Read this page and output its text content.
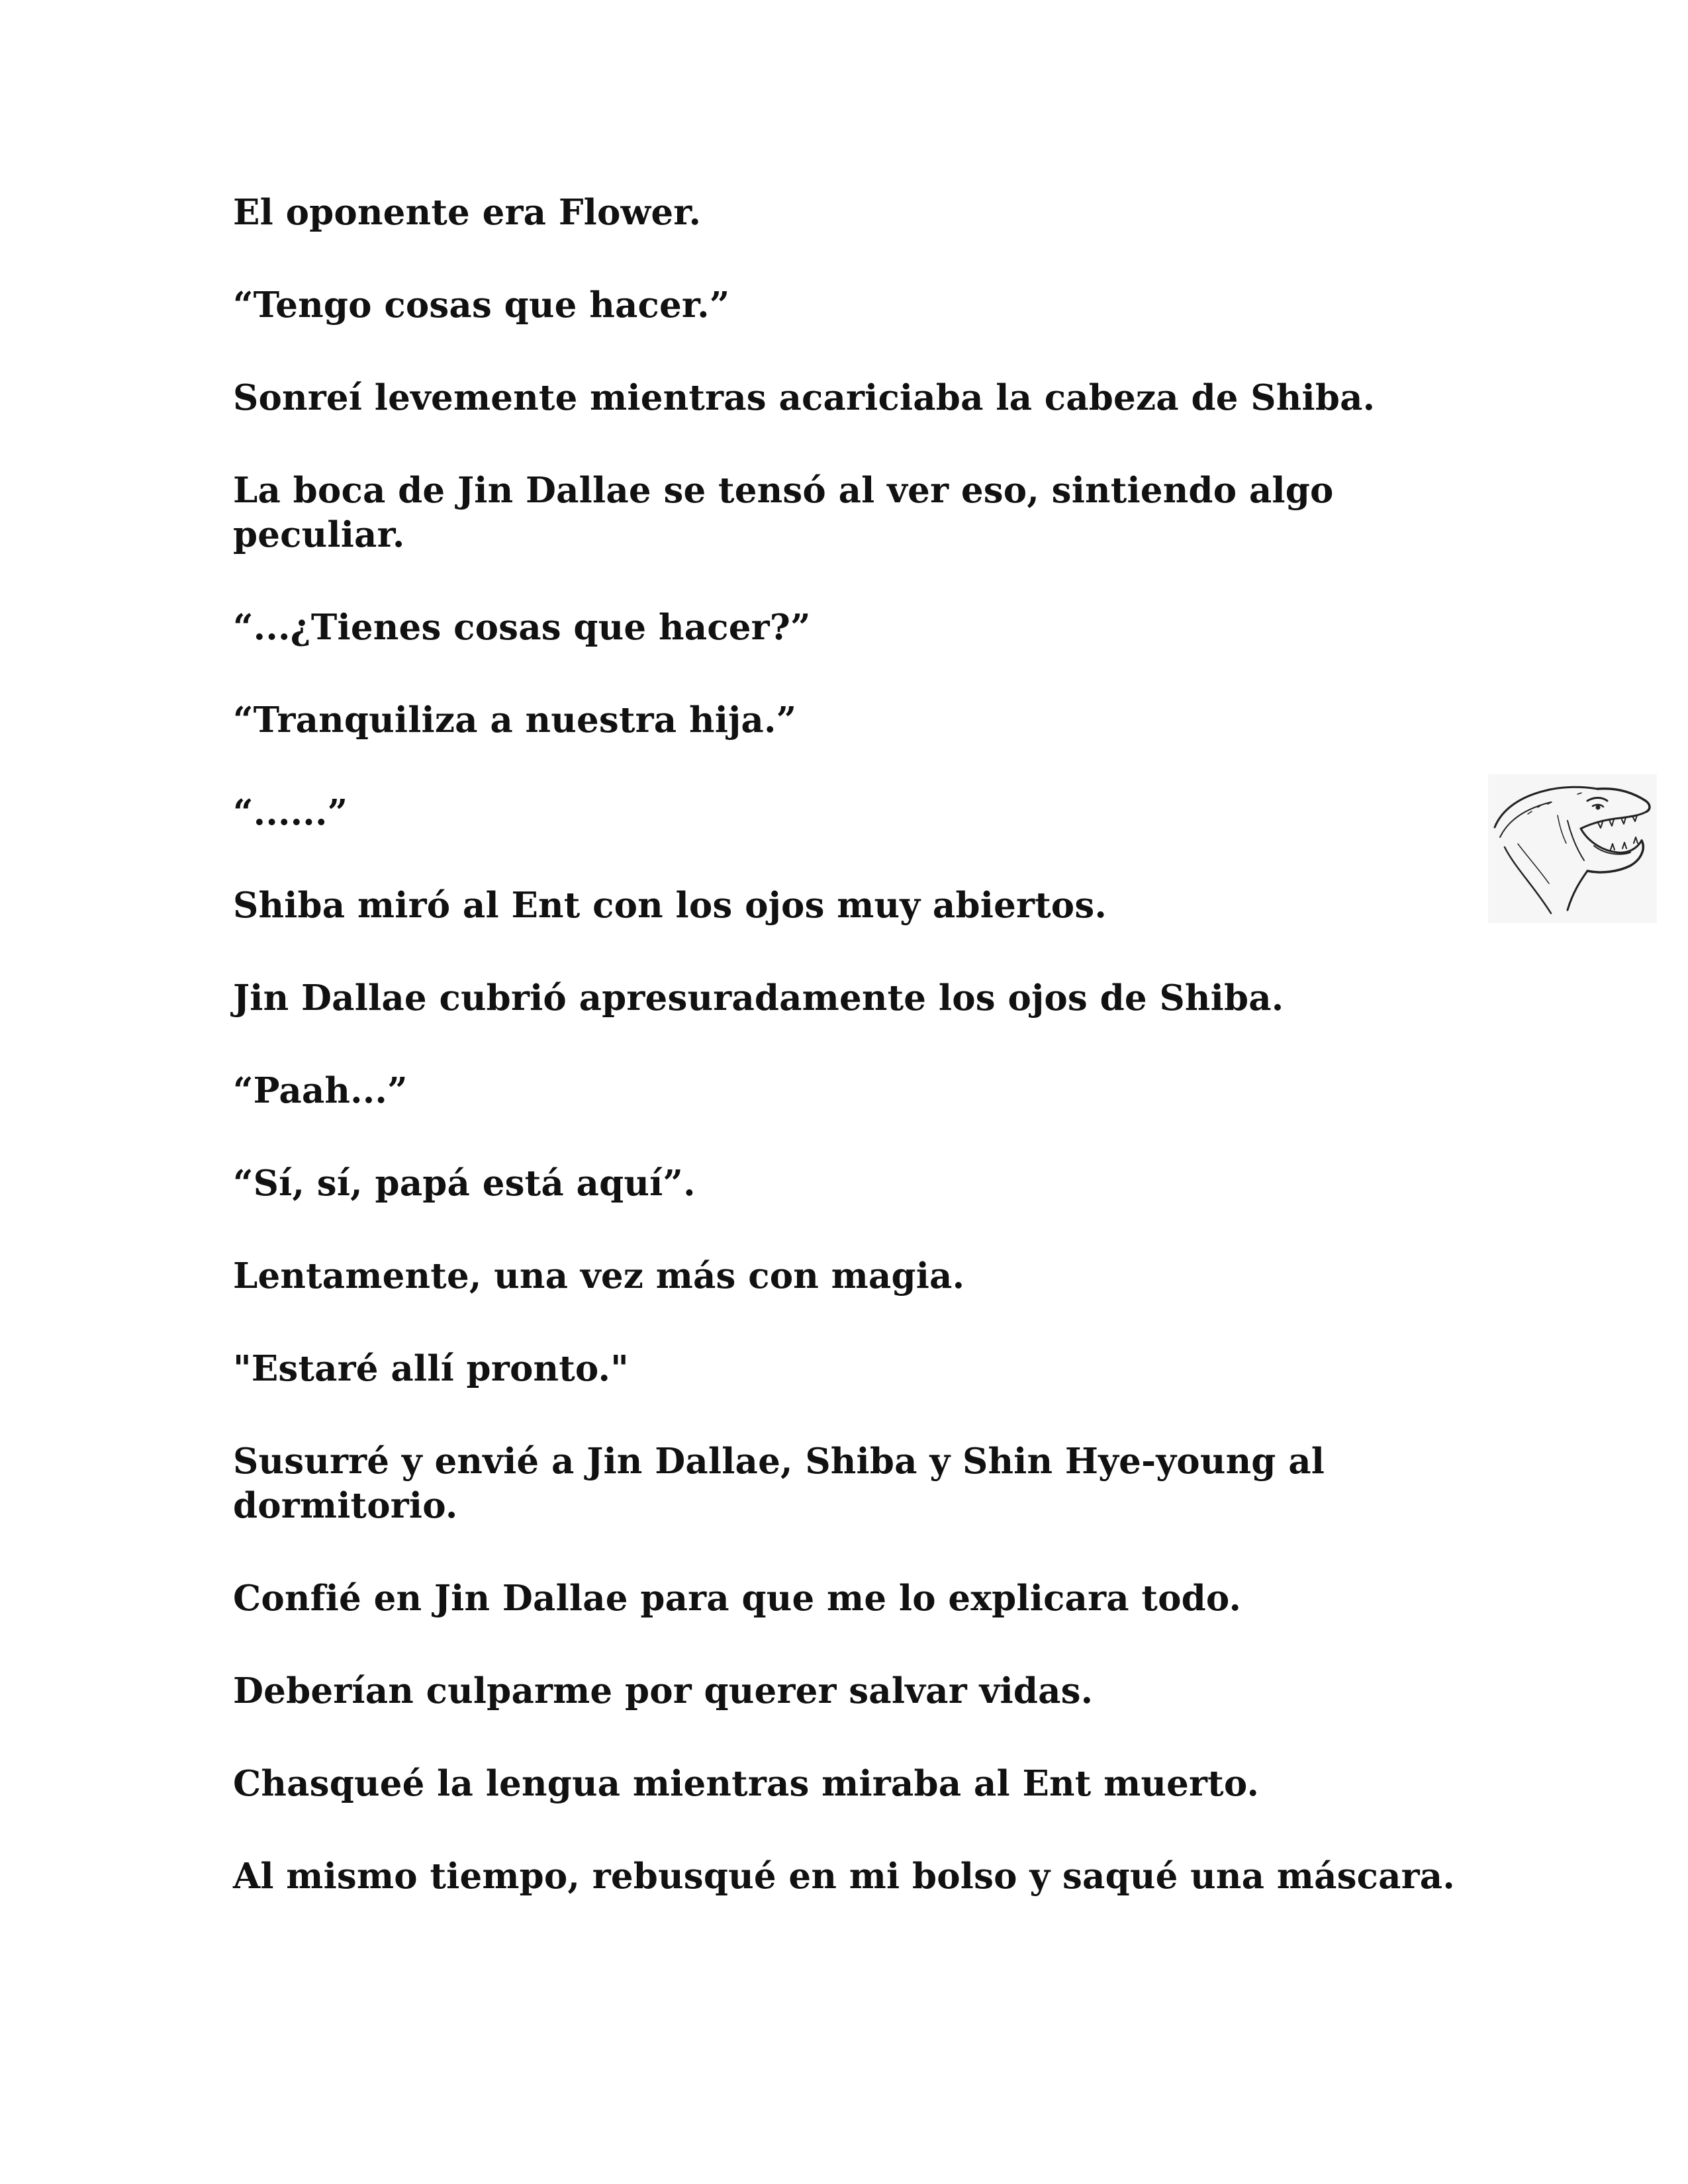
El oponente era Flower.

“Tengo cosas que hacer.”

Sonreí levemente mientras acariciaba la cabeza de Shiba.

La boca de Jin Dallae se tensó al ver eso, sintiendo algo peculiar.

“...¿Tienes cosas que hacer?”

“Tranquiliza a nuestra hija.”

“......”

Shiba miró al Ent con los ojos muy abiertos.

Jin Dallae cubrió apresuradamente los ojos de Shiba.

“Paah...”

“Sí, sí, papá está aquí”.

Lentamente, una vez más con magia.

"Estaré allí pronto."

Susurré y envié a Jin Dallae, Shiba y Shin Hye-young al dormitorio.

Confié en Jin Dallae para que me lo explicara todo.

Deberían culparme por querer salvar vidas.

Chasqueé la lengua mientras miraba al Ent muerto.

Al mismo tiempo, rebusqué en mi bolso y saqué una máscara.
